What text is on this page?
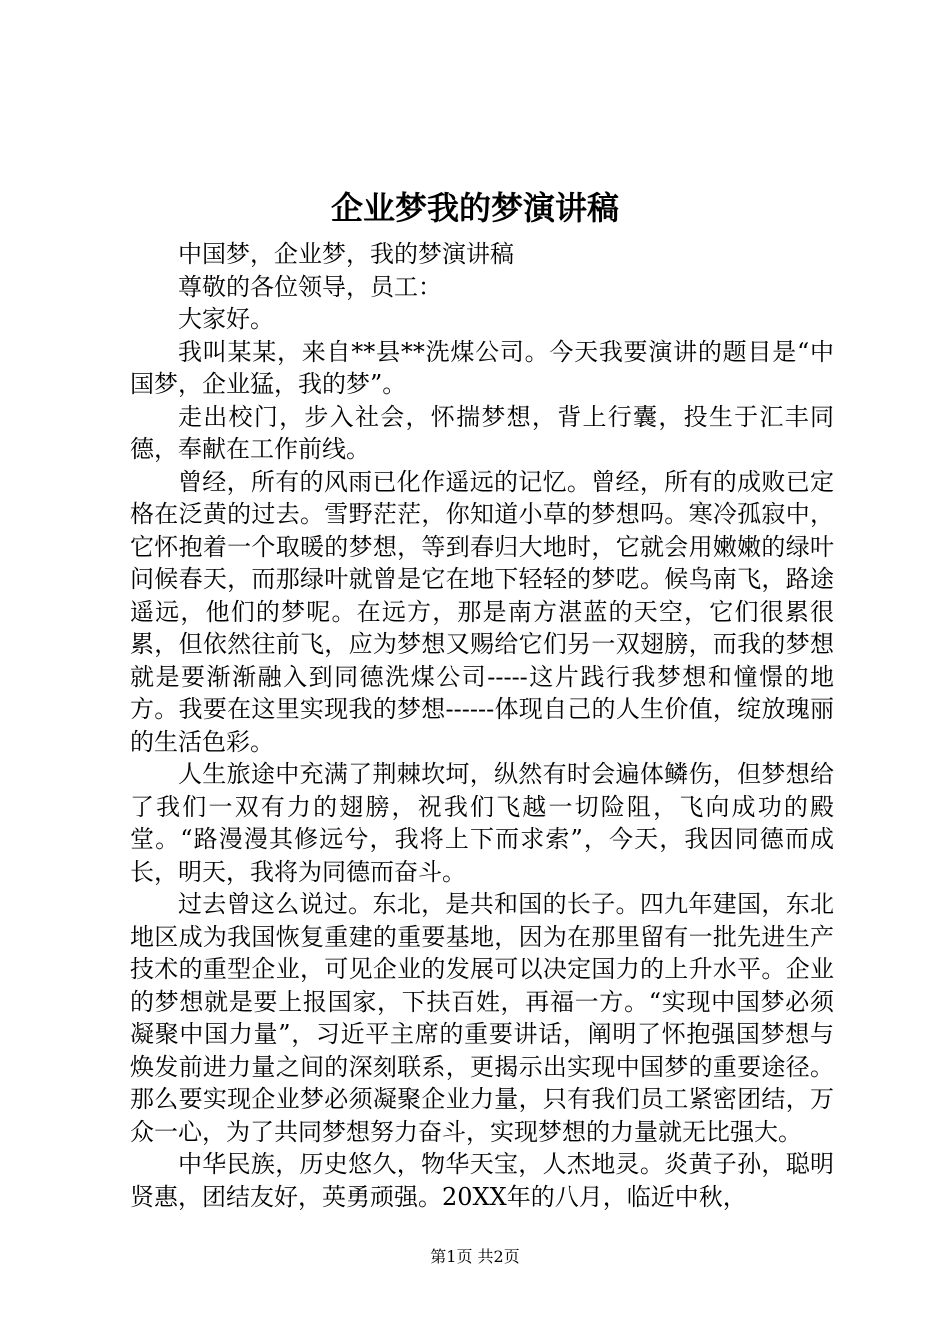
企业梦我的梦演讲稿

中国梦，企业梦，我的梦演讲稿

尊敬的各位领导，员工：

大家好。

我叫某某，来自**县**洗煤公司。今天我要演讲的题目是“中国梦，企业猛，我的梦”。

走出校门，步入社会，怀揣梦想，背上行囊，投生于汇丰同德，奉献在工作前线。

曾经，所有的风雨已化作遥远的记忆。曾经，所有的成败已定格在泛黄的过去。雪野茫茫，你知道小草的梦想吗。寒冷孤寂中，它怀抱着一个取暖的梦想，等到春归大地时，它就会用嫩嫩的绿叶问候春天，而那绿叶就曾是它在地下轻轻的梦呓。候鸟南飞，路途遥远，他们的梦呢。在远方，那是南方湛蓝的天空，它们很累很累，但依然往前飞，应为梦想又赐给它们另一双翅膀，而我的梦想就是要渐渐融入到同德洗煤公司-----这片践行我梦想和憧憬的地方。我要在这里实现我的梦想------体现自己的人生价值，绽放瑰丽的生活色彩。

人生旅途中充满了荆棘坎坷，纵然有时会遍体鳞伤，但梦想给了我们一双有力的翅膀，祝我们飞越一切险阻，飞向成功的殿堂。“路漫漫其修远兮，我将上下而求索”，今天，我因同德而成长，明天，我将为同德而奋斗。

过去曾这么说过。东北，是共和国的长子。四九年建国，东北地区成为我国恢复重建的重要基地，因为在那里留有一批先进生产技术的重型企业，可见企业的发展可以决定国力的上升水平。企业的梦想就是要上报国家，下扶百姓，再福一方。“实现中国梦必须凝聚中国力量”，习近平主席的重要讲话，阐明了怀抱强国梦想与焕发前进力量之间的深刻联系，更揭示出实现中国梦的重要途径。那么要实现企业梦必须凝聚企业力量，只有我们员工紧密团结，万众一心，为了共同梦想努力奋斗，实现梦想的力量就无比强大。

中华民族，历史悠久，物华天宝，人杰地灵。炎黄子孙，聪明贤惠，团结友好，英勇顽强。20XX年的八月，临近中秋，

第1页 共2页
